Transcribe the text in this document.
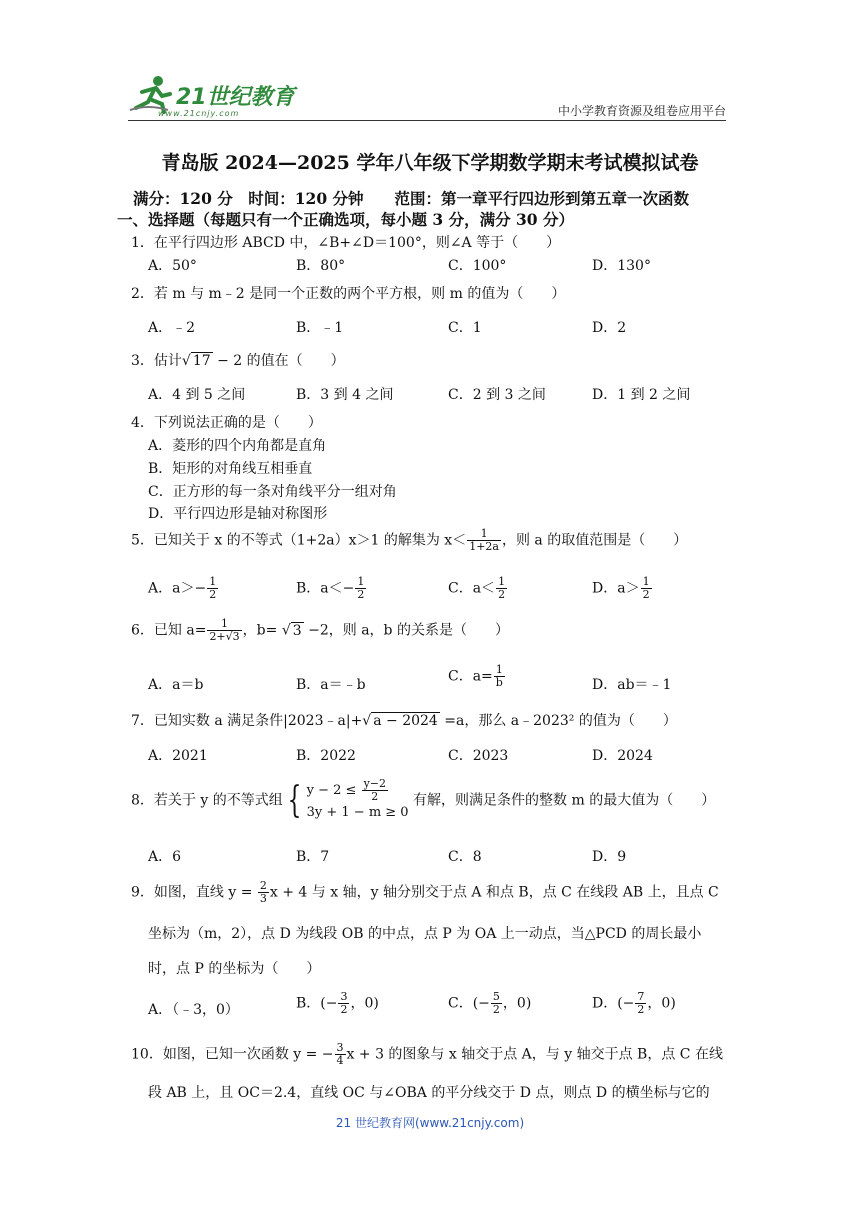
21世纪教育
www.21cnjy.com	中小学教育资源及组卷应用平台
青岛版 2024—2025 学年八年级下学期数学期末考试模拟试卷
满分：120 分　时间：120 分钟　　范围：第一章平行四边形到第五章一次函数
一、选择题（每题只有一个正确选项，每小题 3 分，满分 30 分）
1．在平行四边形 ABCD 中，∠B+∠D＝100°，则∠A 等于（　　）
A．50°	B．80°	C．100°	D．130°
2．若 m 与 m﹣2 是同一个正数的两个平方根，则 m 的值为（　　）
A．﹣2	B．﹣1	C．1	D．2
3．估计√ 17 − 2 的值在（　　）
A．4 到 5 之间	B．3 到 4 之间	C．2 到 3 之间	D．1 到 2 之间
4．下列说法正确的是（　　）
A．菱形的四个内角都是直角
B．矩形的对角线互相垂直
C．正方形的每一条对角线平分一组对角
D．平行四边形是轴对称图形
5．已知关于 x 的不等式（1+2a）x＞1 的解集为 $x< \frac{1}{1+2a}$ ，则 a 的取值范围是（　　）
A．$a>- \frac{1}{2}$	B．$a<- \frac{1}{2}$	C．$a< \frac{1}{2}$	D．$a> \frac{1}{2}$
6．已知 $a= \frac{1}{2+√3}$ ，b= √ 3 −2，则 a，b 的关系是（　　）
A．a＝b	B．a＝﹣b
C．$a= \frac{1}{b}$	D．ab＝﹣1
7．已知实数 a 满足条件|2023﹣a|+√ a − 2024 =a，那么 a﹣2023² 的值为（　　）
A．2021	B．2022	C．2023	D．2024
8．若关于 y 的不等式组 { $y - 2 \le \frac{y-2}{2}$
3y + 1 − m ≥ 0
有解，则满足条件的整数 m 的最大值为（　　）
A．6	B．7	C．8	D．9
9．如图，直线 $y = \frac{2}{3}$ x + 4 与 x 轴，y 轴分别交于点 A 和点 B，点 C 在线段 AB 上，且点 C
坐标为（m，2），点 D 为线段 OB 的中点，点 P 为 OA 上一动点，当△PCD 的周长最小
时，点 P 的坐标为（　　）
A．（﹣3，0）	B．(− $\frac{3}{2}$ ，0)	C．(− $\frac{5}{2}$ ，0)	D．(− $\frac{7}{2}$ ，0)
10．如图，已知一次函数 y = − $\frac{3}{4}$ x + 3 的图象与 x 轴交于点 A，与 y 轴交于点 B，点 C 在线
段 AB 上，且 OC＝2.4，直线 OC 与∠OBA 的平分线交于 D 点，则点 D 的横坐标与它的
21 世纪教育网(www.21cnjy.com)
